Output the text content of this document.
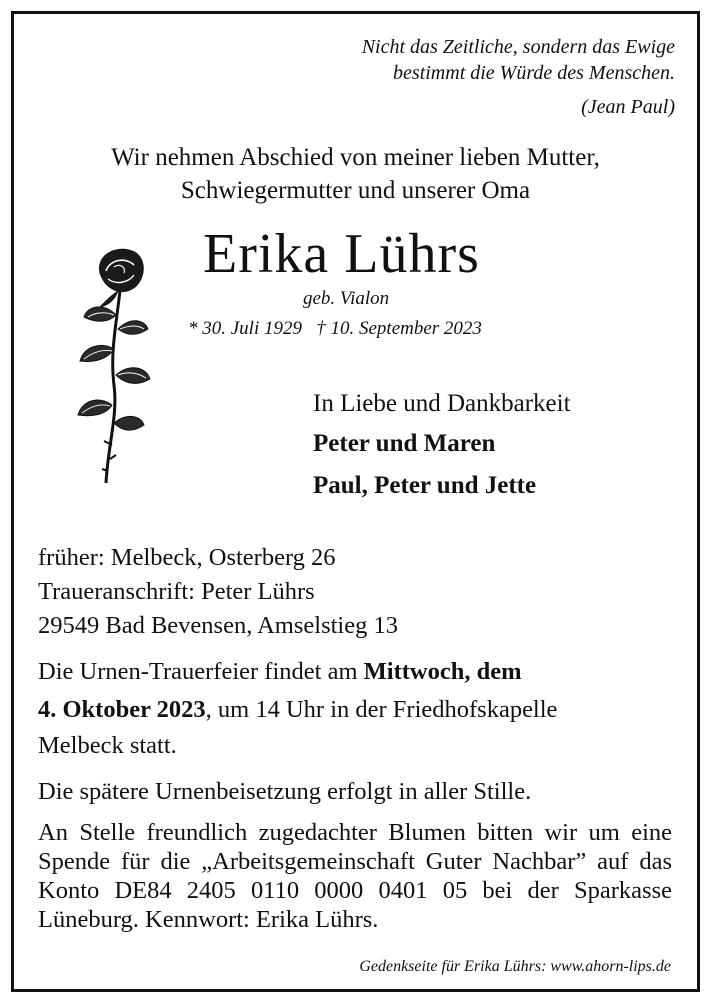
Nicht das Zeitliche, sondern das Ewige
bestimmt die Würde des Menschen.
(Jean Paul)
Wir nehmen Abschied von meiner lieben Mutter,
Schwiegermutter und unserer Oma
Erika Lührs
geb. Vialon
* 30. Juli 1929   † 10. September 2023
In Liebe und Dankbarkeit
Peter und Maren
Paul, Peter und Jette
früher: Melbeck, Osterberg 26
Traueranschrift: Peter Lührs
29549 Bad Bevensen, Amselstieg 13
Die Urnen-Trauerfeier findet am Mittwoch, dem
4. Oktober 2023, um 14 Uhr in der Friedhofskapelle
Melbeck statt.
Die spätere Urnenbeisetzung erfolgt in aller Stille.
An Stelle freundlich zugedachter Blumen bitten wir um eine Spende für die „Arbeitsgemeinschaft Guter Nachbar” auf das Konto DE84 2405 0110 0000 0401 05 bei der Sparkasse Lüneburg. Kennwort: Erika Lührs.
Gedenkseite für Erika Lührs: www.ahorn-lips.de
